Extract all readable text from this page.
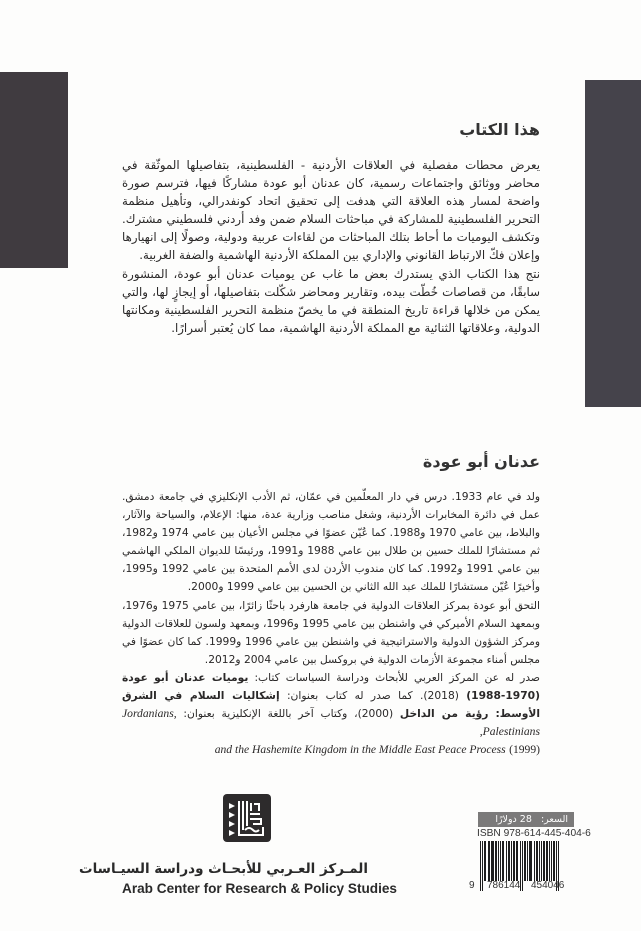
هذا الكتاب

يعرض محطات مفصلية في العلاقات الأردنية - الفلسطينية، بتفاصيلها الموثّقة في محاضر ووثائق واجتماعات رسمية، كان عدنان أبو عودة مشاركًا فيها، فترسم صورة واضحة لمسار هذه العلاقة التي هدفت إلى تحقيق اتحاد كونفدرالي، وتأهيل منظمة التحرير الفلسطينية للمشاركة في مباحثات السلام ضمن وفد أردني فلسطيني مشترك. وتكشف اليوميات ما أحاط بتلك المباحثات من لقاءات عربية ودولية، وصولًا إلى انهيارها وإعلان فكّ الارتباط القانوني والإداري بين المملكة الأردنية الهاشمية والضفة الغربية.

نتج هذا الكتاب الذي يستدرك بعض ما غاب عن يوميات عدنان أبو عودة، المنشورة سابقًا، من قصاصات خُطّت بيده، وتقارير ومحاضر شكّلت بتفاصيلها، أو إيجازٍ لها، والتي يمكن من خلالها قراءة تاريخ المنطقة في ما يخصّ منظمة التحرير الفلسطينية ومكانتها الدولية، وعلاقاتها الثنائية مع المملكة الأردنية الهاشمية، مما كان يُعتبر أسرارًا.

عدنان أبو عودة

ولد في عام 1933. درس في دار المعلّمين في عمّان، ثم الأدب الإنكليزي في جامعة دمشق. عمل في دائرة المخابرات الأردنية، وشغل مناصب وزارية عدة، منها: الإعلام، والسياحة والآثار، والبلاط، بين عامي 1970 و1988. كما عُيّن عضوًا في مجلس الأعيان بين عامي 1974 و1982، ثم مستشارًا للملك حسين بن طلال بين عامي 1988 و1991، ورئيسًا للديوان الملكي الهاشمي بين عامي 1991 و1992. كما كان مندوب الأردن لدى الأمم المتحدة بين عامي 1992 و1995، وأخيرًا عُيّن مستشارًا للملك عبد الله الثاني بن الحسين بين عامي 1999 و2000.

التحق أبو عودة بمركز العلاقات الدولية في جامعة هارفرد باحثًا زائرًا، بين عامي 1975 و1976، وبمعهد السلام الأميركي في واشنطن بين عامي 1995 و1996، وبمعهد ولسون للعلاقات الدولية ومركز الشؤون الدولية والاستراتيجية في واشنطن بين عامي 1996 و1999. كما كان عضوًا في مجلس أمناء مجموعة الأزمات الدولية في بروكسل بين عامي 2004 و2012.

صدر له عن المركز العربي للأبحاث ودراسة السياسات كتاب: يوميات عدنان أبو عودة (1970-1988) (2018). كما صدر له كتاب بعنوان: إشكاليات السلام في الشرق الأوسط: رؤية من الداخل (2000)، وكتاب آخر باللغة الإنكليزية بعنوان: Jordanians, Palestinians,

and the Hashemite Kingdom in the Middle East Peace Process (1999)

المـركز العـربي للأبحـاث ودراسة السيـاسات
Arab Center for Research & Policy Studies
السعر:   28 دولارًا
ISBN 978-614-445-404-6
9 786144 454046
